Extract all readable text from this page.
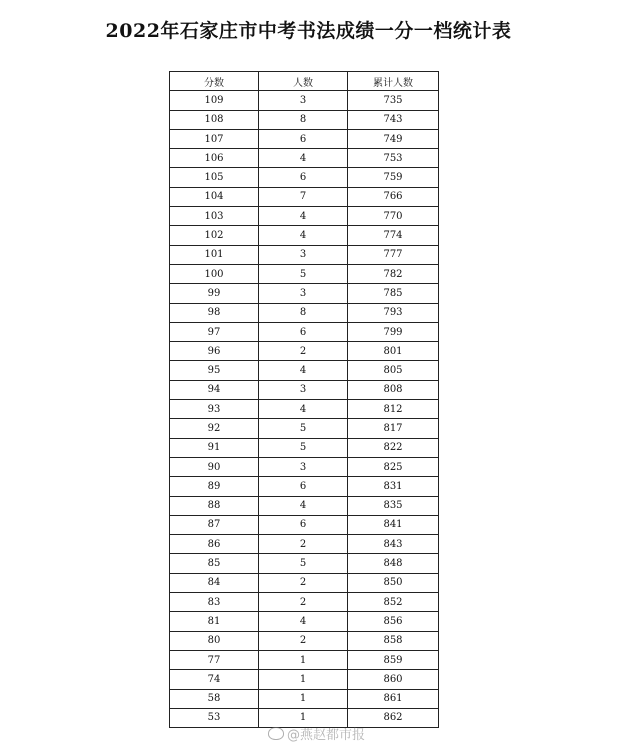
2022年石家庄市中考书法成绩一分一档统计表
分数	人数	累计人数
109	3	735
108	8	743
107	6	749
106	4	753
105	6	759
104	7	766
103	4	770
102	4	774
101	3	777
100	5	782
99	3	785
98	8	793
97	6	799
96	2	801
95	4	805
94	3	808
93	4	812
92	5	817
91	5	822
90	3	825
89	6	831
88	4	835
87	6	841
86	2	843
85	5	848
84	2	850
83	2	852
81	4	856
80	2	858
77	1	859
74	1	860
58	1	861
53	1	862
@燕赵都市报
